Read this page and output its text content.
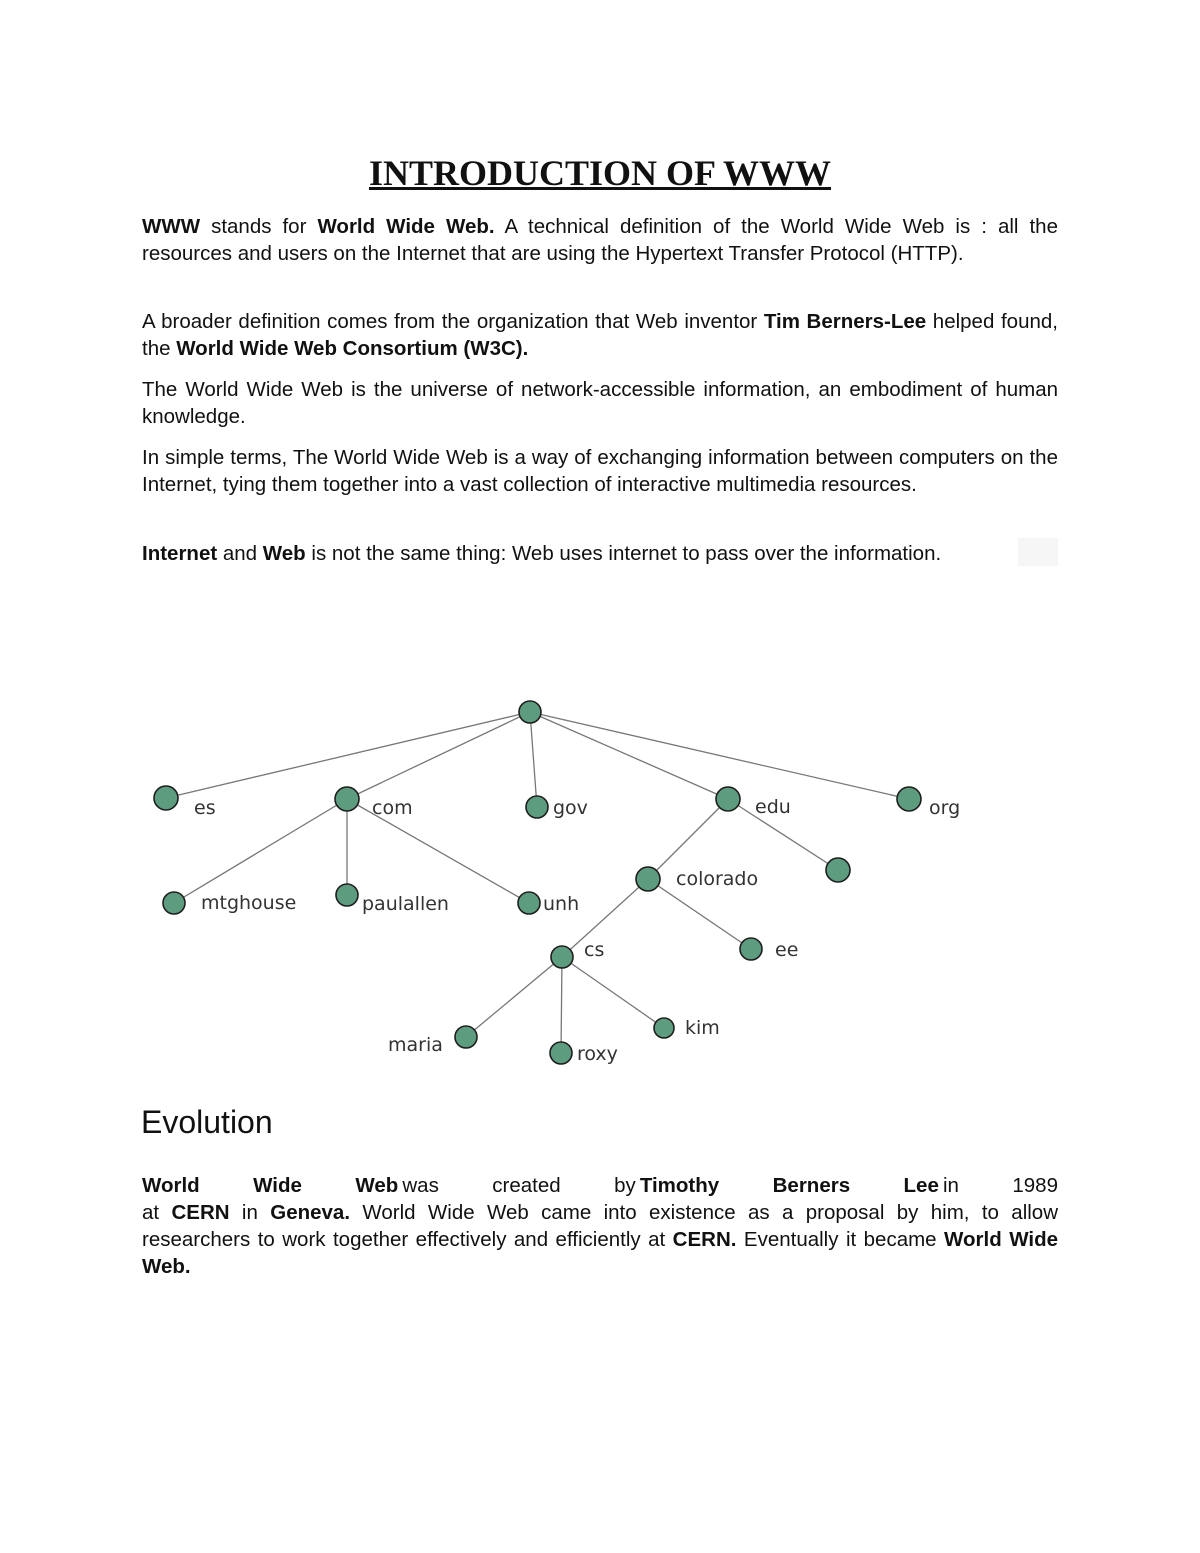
INTRODUCTION OF WWW

WWW stands for World Wide Web. A technical definition of the World Wide Web is : all the resources and users on the Internet that are using the Hypertext Transfer Protocol (HTTP).

A broader definition comes from the organization that Web inventor Tim Berners-Lee helped found, the World Wide Web Consortium (W3C).

The World Wide Web is the universe of network-accessible information, an embodiment of human knowledge.

In simple terms, The World Wide Web is a way of exchanging information between computers on the Internet, tying them together into a vast collection of interactive multimedia resources.

Internet and Web is not the same thing: Web uses internet to pass over the information.

es	com	gov	edu	org
mtghouse	paulallen	unh
colorado
ee
cs
maria	roxy
kim
Evolution
World	Wide	Web  was	created	by  Timothy	Berners	Lee  in	1989
at CERN in Geneva. World Wide Web came into existence as a proposal by him, to allow researchers to work together effectively and efficiently at CERN. Eventually it became World Wide Web.
